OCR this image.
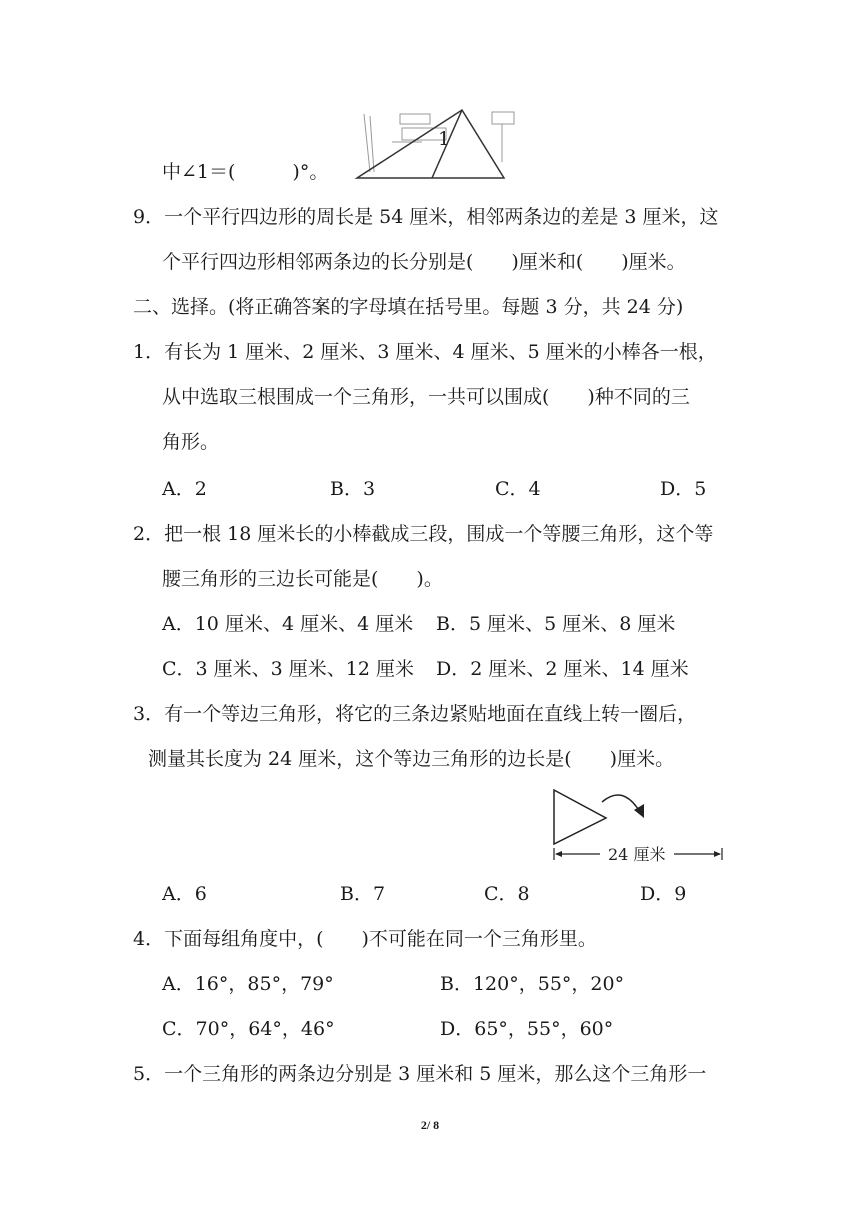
中∠1＝(　　　)°。
1
9．一个平行四边形的周长是 54 厘米，相邻两条边的差是 3 厘米，这
个平行四边形相邻两条边的长分别是(　　)厘米和(　　)厘米。
二、选择。(将正确答案的字母填在括号里。每题 3 分，共 24 分)
1．有长为 1 厘米、2 厘米、3 厘米、4 厘米、5 厘米的小棒各一根，
从中选取三根围成一个三角形，一共可以围成(　　)种不同的三
角形。
A．2	B．3	C．4	D．5
2．把一根 18 厘米长的小棒截成三段，围成一个等腰三角形，这个等
腰三角形的三边长可能是(　　)。
A．10 厘米、4 厘米、4 厘米 B．5 厘米、5 厘米、8 厘米
C．3 厘米、3 厘米、12 厘米 D．2 厘米、2 厘米、14 厘米
3．有一个等边三角形，将它的三条边紧贴地面在直线上转一圈后，
测量其长度为 24 厘米，这个等边三角形的边长是(　　)厘米。
24 厘米
A．6	B．7	C．8	D．9
4．下面每组角度中，(　　)不可能在同一个三角形里。
A．16°，85°，79°	B．120°，55°，20°
C．70°，64°，46°	D．65°，55°，60°
5．一个三角形的两条边分别是 3 厘米和 5 厘米，那么这个三角形一
2/ 8
